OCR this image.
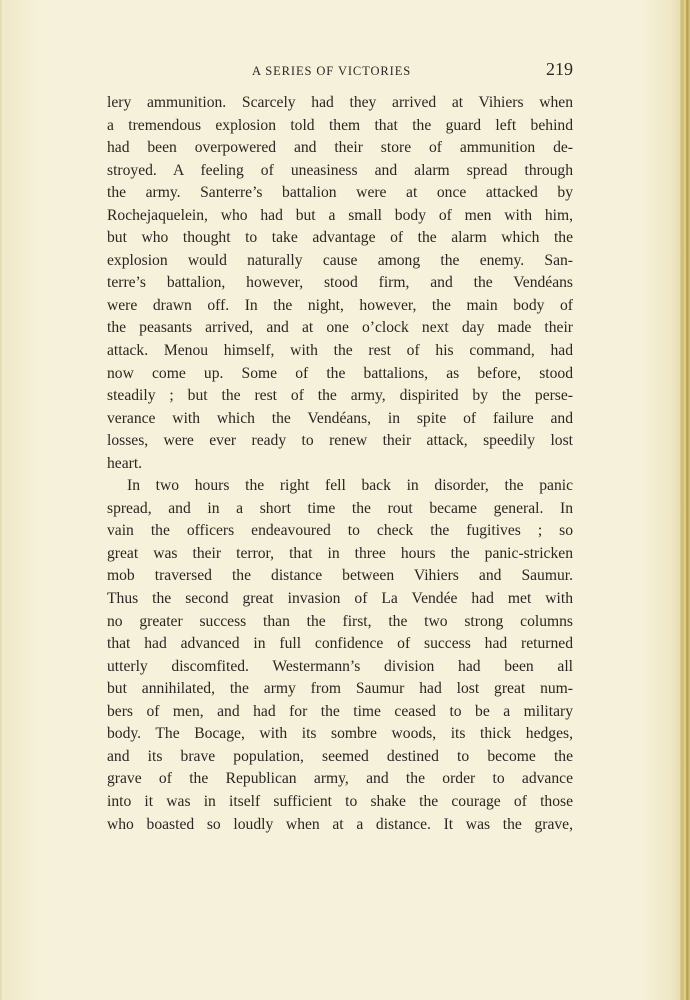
A SERIES OF VICTORIES	219
lery ammunition. Scarcely had they arrived at Vihiers when
a tremendous explosion told them that the guard left behind
had been overpowered and their store of ammunition de-
stroyed. A feeling of uneasiness and alarm spread through
the army. Santerre’s battalion were at once attacked by
Rochejaquelein, who had but a small body of men with him,
but who thought to take advantage of the alarm which the
explosion would naturally cause among the enemy. San-
terre’s battalion, however, stood firm, and the Vendéans
were drawn off. In the night, however, the main body of
the peasants arrived, and at one o’clock next day made their
attack. Menou himself, with the rest of his command, had
now come up. Some of the battalions, as before, stood
steadily ; but the rest of the army, dispirited by the perse-
verance with which the Vendéans, in spite of failure and
losses, were ever ready to renew their attack, speedily lost
heart.
In two hours the right fell back in disorder, the panic
spread, and in a short time the rout became general. In
vain the officers endeavoured to check the fugitives ; so
great was their terror, that in three hours the panic-stricken
mob traversed the distance between Vihiers and Saumur.
Thus the second great invasion of La Vendée had met with
no greater success than the first, the two strong columns
that had advanced in full confidence of success had returned
utterly discomfited. Westermann’s division had been all
but annihilated, the army from Saumur had lost great num-
bers of men, and had for the time ceased to be a military
body. The Bocage, with its sombre woods, its thick hedges,
and its brave population, seemed destined to become the
grave of the Republican army, and the order to advance
into it was in itself sufficient to shake the courage of those
who boasted so loudly when at a distance. It was the grave,
